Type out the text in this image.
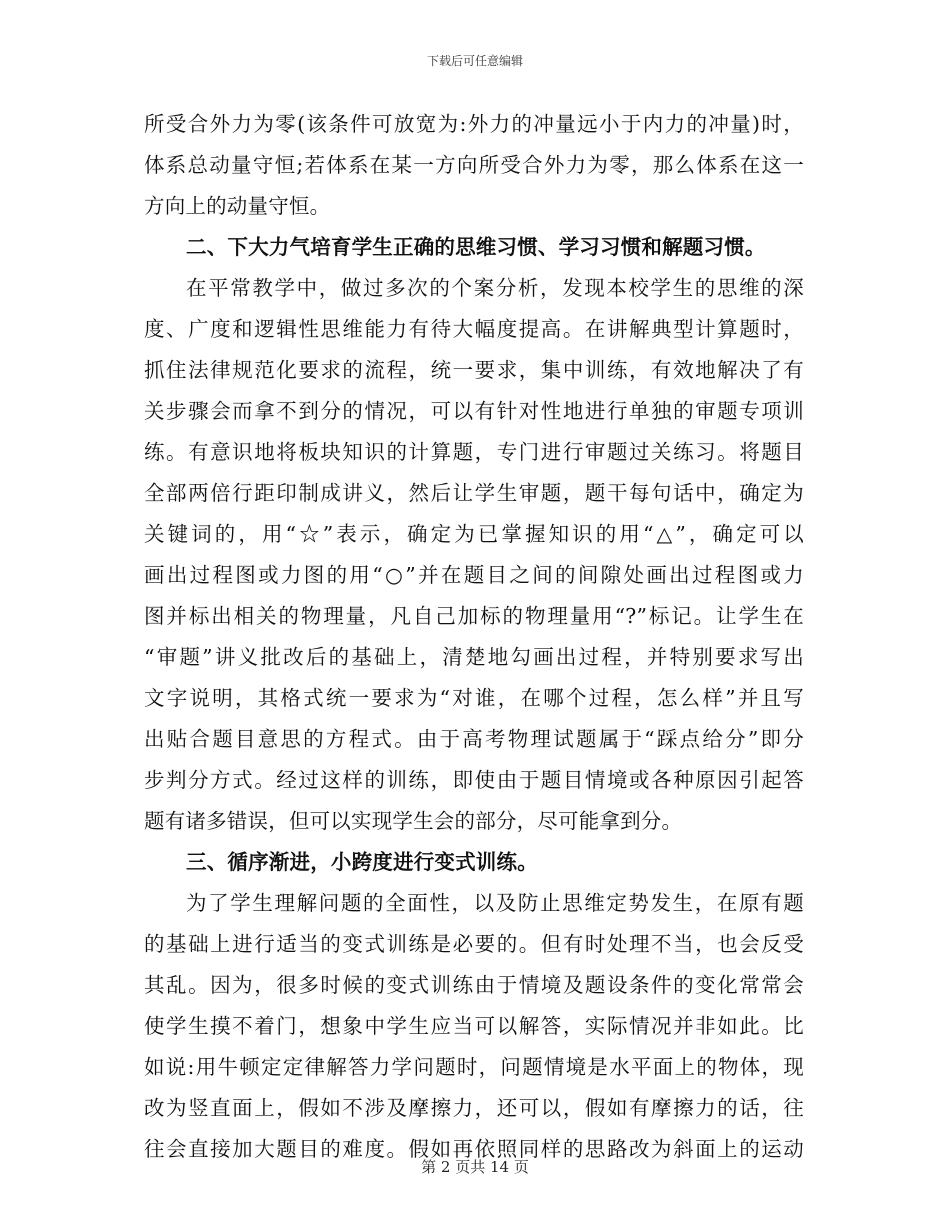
下载后可任意编辑
所受合外力为零(该条件可放宽为:外力的冲量远小于内力的冲量)时，
体系总动量守恒;若体系在某一方向所受合外力为零，那么体系在这一
方向上的动量守恒。
二、下大力气培育学生正确的思维习惯、学习习惯和解题习惯。
在平常教学中，做过多次的个案分析，发现本校学生的思维的深
度、广度和逻辑性思维能力有待大幅度提高。在讲解典型计算题时，
抓住法律规范化要求的流程，统一要求，集中训练，有效地解决了有
关步骤会而拿不到分的情况，可以有针对性地进行单独的审题专项训
练。有意识地将板块知识的计算题，专门进行审题过关练习。将题目
全部两倍行距印制成讲义，然后让学生审题，题干每句话中，确定为
关键词的，用“☆”表示，确定为已掌握知识的用“△”，确定可以
画出过程图或力图的用“○”并在题目之间的间隙处画出过程图或力
图并标出相关的物理量，凡自己加标的物理量用“?”标记。让学生在
“审题”讲义批改后的基础上，清楚地勾画出过程，并特别要求写出
文字说明，其格式统一要求为“对谁，在哪个过程，怎么样”并且写
出贴合题目意思的方程式。由于高考物理试题属于“踩点给分”即分
步判分方式。经过这样的训练，即使由于题目情境或各种原因引起答
题有诸多错误，但可以实现学生会的部分，尽可能拿到分。
三、循序渐进，小跨度进行变式训练。
为了学生理解问题的全面性，以及防止思维定势发生，在原有题
的基础上进行适当的变式训练是必要的。但有时处理不当，也会反受
其乱。因为，很多时候的变式训练由于情境及题设条件的变化常常会
使学生摸不着门，想象中学生应当可以解答，实际情况并非如此。比
如说:用牛顿定定律解答力学问题时，问题情境是水平面上的物体，现
改为竖直面上，假如不涉及摩擦力，还可以，假如有摩擦力的话，往
往会直接加大题目的难度。假如再依照同样的思路改为斜面上的运动
第 2 页共 14 页
